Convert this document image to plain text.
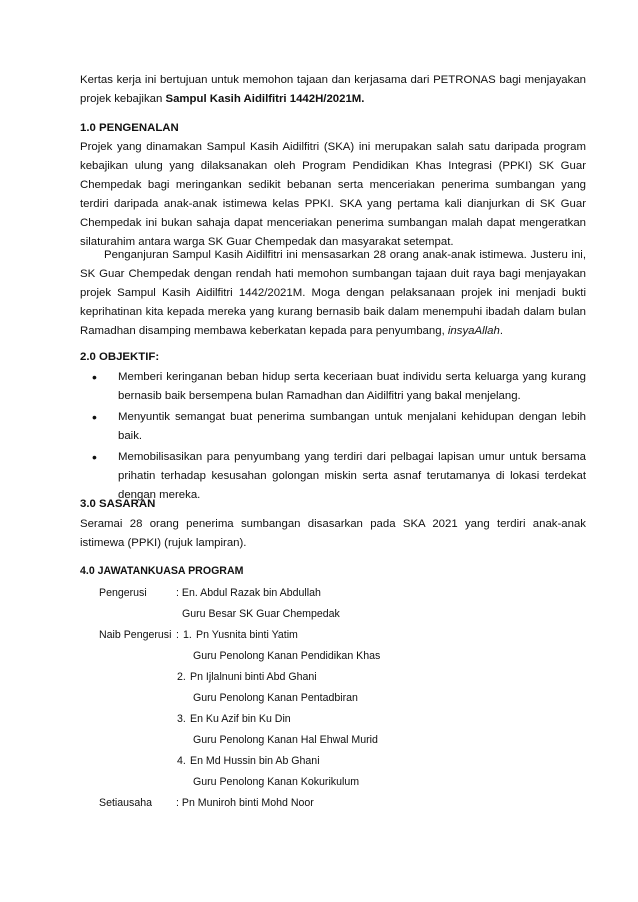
Kertas kerja ini bertujuan untuk memohon tajaan dan kerjasama dari PETRONAS bagi menjayakan projek kebajikan Sampul Kasih Aidilfitri 1442H/2021M.

1.0 PENGENALAN

Projek yang dinamakan Sampul Kasih Aidilfitri (SKA) ini merupakan salah satu daripada program kebajikan ulung yang dilaksanakan oleh Program Pendidikan Khas Integrasi (PPKI) SK Guar Chempedak bagi meringankan sedikit bebanan serta menceriakan penerima sumbangan yang terdiri daripada anak-anak istimewa kelas PPKI. SKA yang pertama kali dianjurkan di SK Guar Chempedak ini bukan sahaja dapat menceriakan penerima sumbangan malah dapat mengeratkan silaturahim antara warga SK Guar Chempedak dan masyarakat setempat.

Penganjuran Sampul Kasih Aidilfitri ini mensasarkan 28 orang anak-anak istimewa. Justeru ini, SK Guar Chempedak dengan rendah hati memohon sumbangan tajaan duit raya bagi menjayakan projek Sampul Kasih Aidilfitri 1442/2021M. Moga dengan pelaksanaan projek ini menjadi bukti keprihatinan kita kepada mereka yang kurang bernasib baik dalam menempuhi ibadah dalam bulan Ramadhan disamping membawa keberkatan kepada para penyumbang, insyaAllah.

2.0 OBJEKTIF:

• Memberi keringanan beban hidup serta keceriaan buat individu serta keluarga yang kurang bernasib baik bersempena bulan Ramadhan dan Aidilfitri yang bakal menjelang.
• Menyuntik semangat buat penerima sumbangan untuk menjalani kehidupan dengan lebih baik.
• Memobilisasikan para penyumbang yang terdiri dari pelbagai lapisan umur untuk bersama prihatin terhadap kesusahan golongan miskin serta asnaf terutamanya di lokasi terdekat dengan mereka.

3.0 SASARAN

Seramai 28 orang penerima sumbangan disasarkan pada SKA 2021 yang terdiri anak-anak istimewa (PPKI) (rujuk lampiran).

4.0 JAWATANKUASA PROGRAM

Pengerusi	: En. Abdul Razak bin Abdullah
Guru Besar SK Guar Chempedak
Naib Pengerusi : 1. Pn Yusnita binti Yatim
Guru Penolong Kanan Pendidikan Khas
2. Pn Ijlalnuni binti Abd Ghani
Guru Penolong Kanan Pentadbiran
3. En Ku Azif bin Ku Din
Guru Penolong Kanan Hal Ehwal Murid
4. En Md Hussin bin Ab Ghani
Guru Penolong Kanan Kokurikulum
Setiausaha : Pn Muniroh binti Mohd Noor
